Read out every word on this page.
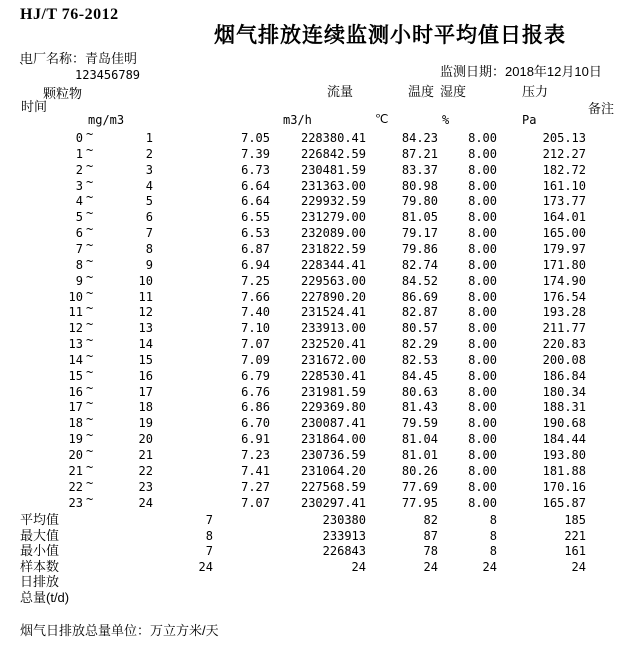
HJ/T 76-2012
烟气排放连续监测小时平均值日报表
电厂名称：青岛佳明
`	123456789	监测日期：2018年12月10日
颗粒物
时间
流量	温度 湿度	压力
备注
mg/m3	m3/h	℃	%	Pa
0 ~	1	7.05	228380.41	84.23	8.00	205.13
1 ~	2	7.39	226842.59	87.21	8.00	212.27
2 ~	3	6.73	230481.59	83.37	8.00	182.72
3 ~	4	6.64	231363.00	80.98	8.00	161.10
4 ~	5	6.64	229932.59	79.80	8.00	173.77
5 ~	6	6.55	231279.00	81.05	8.00	164.01
6 ~	7	6.53	232089.00	79.17	8.00	165.00
7 ~	8	6.87	231822.59	79.86	8.00	179.97
8 ~	9	6.94	228344.41	82.74	8.00	171.80
9 ~	10	7.25	229563.00	84.52	8.00	174.90
10 ~	11	7.66	227890.20	86.69	8.00	176.54
11 ~	12	7.40	231524.41	82.87	8.00	193.28
12 ~	13	7.10	233913.00	80.57	8.00	211.77
13 ~	14	7.07	232520.41	82.29	8.00	220.83
14 ~	15	7.09	231672.00	82.53	8.00	200.08
15 ~	16	6.79	228530.41	84.45	8.00	186.84
16 ~	17	6.76	231981.59	80.63	8.00	180.34
17 ~	18	6.86	229369.80	81.43	8.00	188.31
18 ~	19	6.70	230087.41	79.59	8.00	190.68
19 ~	20	6.91	231864.00	81.04	8.00	184.44
20 ~	21	7.23	230736.59	81.01	8.00	193.80
21 ~	22	7.41	231064.20	80.26	8.00	181.88
22 ~	23	7.27	227568.59	77.69	8.00	170.16
23 ~	24	7.07	230297.41	77.95	8.00	165.87
平均值	7	230380	82	8	185
最大值	8	233913	87	8	221
最小值	7	226843	78	8	161
样本数	24	24	24	24	24
日排放
总量(t/d)
烟气日排放总量单位：万立方米/天
